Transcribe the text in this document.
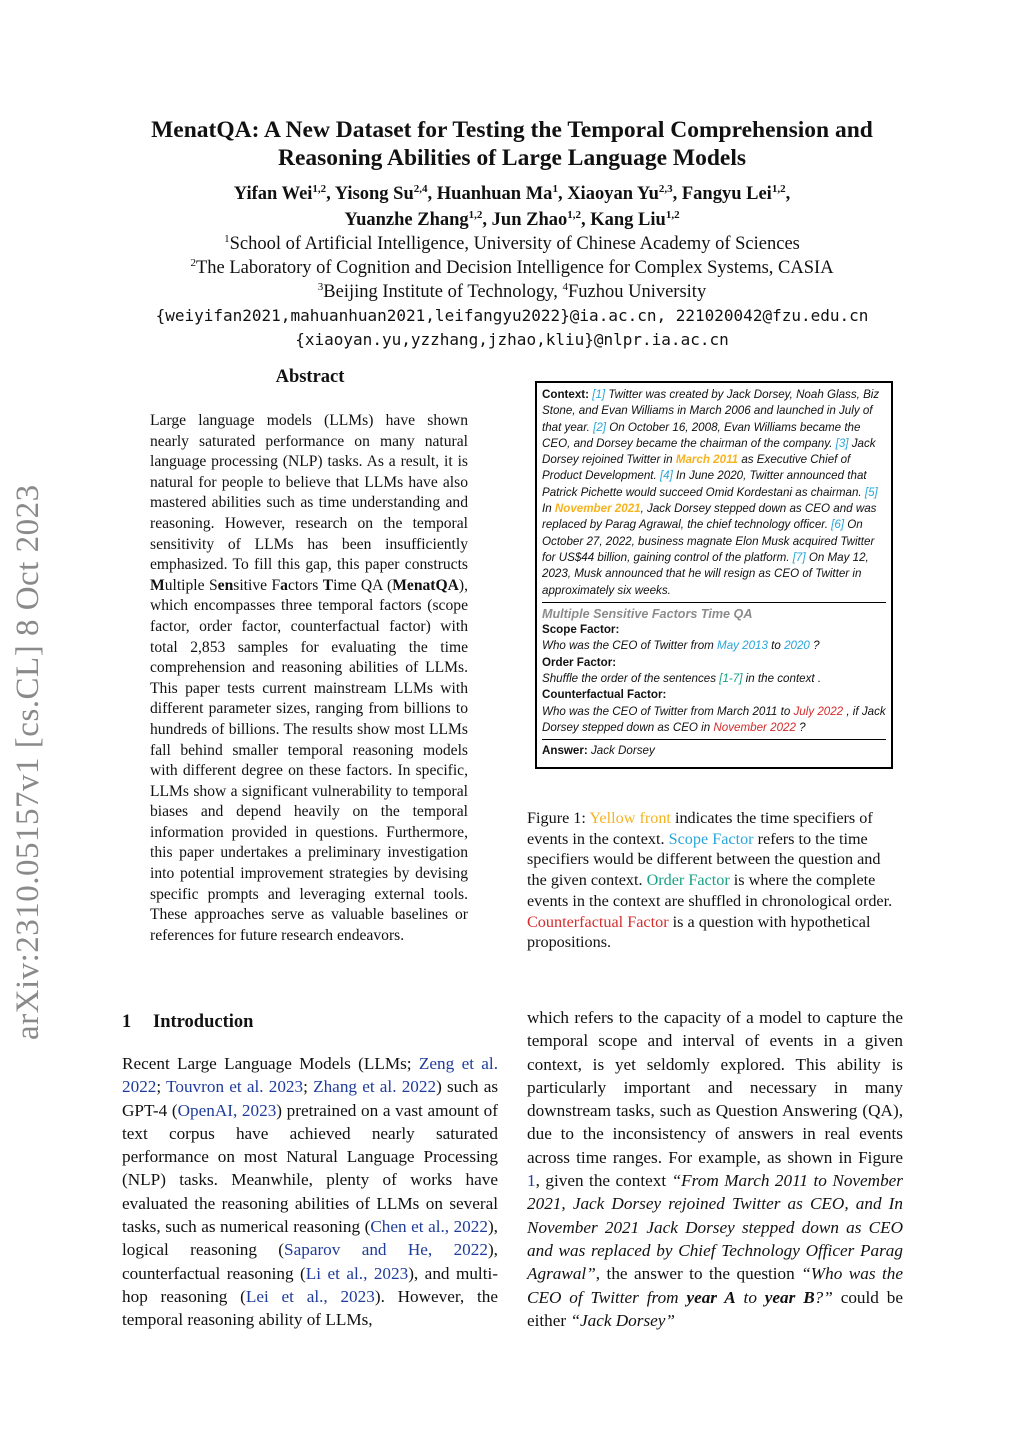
arXiv:2310.05157v1 [cs.CL] 8 Oct 2023
MenatQA: A New Dataset for Testing the Temporal Comprehension and
Reasoning Abilities of Large Language Models
Yifan Wei$^{1,2}$, Yisong Su$^{2,4}$, Huanhuan Ma$^1$, Xiaoyan Yu$^{2,3}$, Fangyu Lei$^{1,2}$,
Yuanzhe Zhang$^{1,2}$, Jun Zhao$^{1,2}$, Kang Liu$^{1,2}$
$^1$School of Artificial Intelligence, University of Chinese Academy of Sciences
$^2$The Laboratory of Cognition and Decision Intelligence for Complex Systems, CASIA
$^3$Beijing Institute of Technology, $^4$Fuzhou University
{weiyifan2021,mahuanhuan2021,leifangyu2022}@ia.ac.cn, 221020042@fzu.edu.cn
{xiaoyan.yu,yzzhang,jzhao,kliu}@nlpr.ia.ac.cn
Abstract

Large language models (LLMs) have shown nearly saturated performance on many natural language processing (NLP) tasks. As a result, it is natural for people to believe that LLMs have also mastered abilities such as time understanding and reasoning. However, research on the temporal sensitivity of LLMs has been insufficiently emphasized. To fill this gap, this paper constructs Multiple Sensitive Factors Time QA (MenatQA), which encompasses three temporal factors (scope factor, order factor, counterfactual factor) with total 2,853 samples for evaluating the time comprehension and reasoning abilities of LLMs. This paper tests current mainstream LLMs with different parameter sizes, ranging from billions to hundreds of billions. The results show most LLMs fall behind smaller temporal reasoning models with different degree on these factors. In specific, LLMs show a significant vulnerability to temporal biases and depend heavily on the temporal information provided in questions. Furthermore, this paper undertakes a preliminary investigation into potential improvement strategies by devising specific prompts and leveraging external tools. These approaches serve as valuable baselines or references for future research endeavors.

1 Introduction

Recent Large Language Models (LLMs; Zeng et al. 2022; Touvron et al. 2023; Zhang et al. 2022) such as GPT-4 (OpenAI, 2023) pretrained on a vast amount of text corpus have achieved nearly saturated performance on most Natural Language Processing (NLP) tasks. Meanwhile, plenty of works have evaluated the reasoning abilities of LLMs on several tasks, such as numerical reasoning (Chen et al., 2022), logical reasoning (Saparov and He, 2022), counterfactual reasoning (Li et al., 2023), and multi-hop reasoning (Lei et al., 2023). However, the temporal reasoning ability of LLMs,

which refers to the capacity of a model to capture the temporal scope and interval of events in a given context, is yet seldomly explored. This ability is particularly important and necessary in many downstream tasks, such as Question Answering (QA), due to the inconsistency of answers in real events across time ranges. For example, as shown in Figure 1, given the context “From March 2011 to November 2021, Jack Dorsey rejoined Twitter as CEO, and In November 2021 Jack Dorsey stepped down as CEO and was replaced by Chief Technology Officer Parag Agrawal”, the answer to the question “Who was the CEO of Twitter from year A to year B?” could be either “Jack Dorsey”

Context: [1] Twitter was created by Jack Dorsey, Noah Glass, Biz Stone, and Evan Williams in March 2006 and launched in July of that year. [2] On October 16, 2008, Evan Williams became the CEO, and Dorsey became the chairman of the company. [3] Jack Dorsey rejoined Twitter in March 2011 as Executive Chief of Product Development. [4] In June 2020, Twitter announced that Patrick Pichette would succeed Omid Kordestani as chairman. [5] In November 2021, Jack Dorsey stepped down as CEO and was replaced by Parag Agrawal, the chief technology officer. [6] On October 27, 2022, business magnate Elon Musk acquired Twitter for US$44 billion, gaining control of the platform. [7] On May 12, 2023, Musk announced that he will resign as CEO of Twitter in approximately six weeks.

Multiple Sensitive Factors Time QA

Scope Factor:

Who was the CEO of Twitter from May 2013 to 2020 ?

Order Factor:

Shuffle the order of the sentences [1-7] in the context .

Counterfactual Factor:

Who was the CEO of Twitter from March 2011 to July 2022 , if Jack Dorsey stepped down as CEO in November 2022 ?

Answer: Jack Dorsey

Figure 1: Yellow front indicates the time specifiers of events in the context. Scope Factor refers to the time specifiers would be different between the question and the given context. Order Factor is where the complete events in the context are shuffled in chronological order. Counterfactual Factor is a question with hypothetical propositions.
